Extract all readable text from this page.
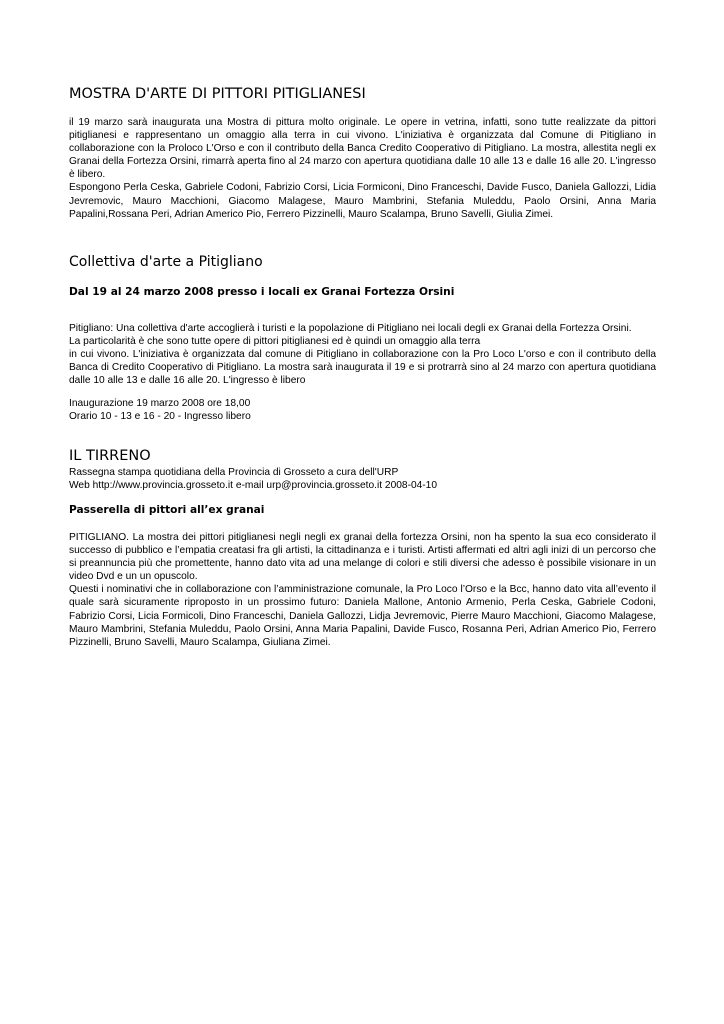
MOSTRA D'ARTE DI PITTORI PITIGLIANESI

il 19 marzo sarà inaugurata una Mostra di pittura molto originale. Le opere in vetrina, infatti, sono tutte realizzate da pittori pitiglianesi e rappresentano un omaggio alla terra in cui vivono. L'iniziativa è organizzata dal Comune di Pitigliano in collaborazione con la Proloco L'Orso e con il contributo della Banca Credito Cooperativo di Pitigliano. La mostra, allestita negli ex Granai della Fortezza Orsini, rimarrà aperta fino al 24 marzo con apertura quotidiana dalle 10 alle 13 e dalle 16 alle 20. L'ingresso è libero.

Espongono Perla Ceska, Gabriele Codoni, Fabrizio Corsi, Licia Formiconi, Dino Franceschi, Davide Fusco, Daniela Gallozzi, Lidia Jevremovic, Mauro Macchioni, Giacomo Malagese, Mauro Mambrini, Stefania Muleddu, Paolo Orsini, Anna Maria Papalini,Rossana Peri, Adrian Americo Pio, Ferrero Pizzinelli, Mauro Scalampa, Bruno Savelli, Giulia Zimei.

Collettiva d'arte a Pitigliano
Dal 19 al 24 marzo 2008 presso i locali ex Granai Fortezza Orsini

Pitigliano: Una collettiva d'arte accoglierà i turisti e la popolazione di Pitigliano nei locali degli ex Granai della Fortezza Orsini.

La particolarità è che sono tutte opere di pittori pitiglianesi ed è quindi un omaggio alla terra

in cui vivono. L'iniziativa è organizzata dal comune di Pitigliano in collaborazione con la Pro Loco L'orso e con il contributo della Banca di Credito Cooperativo di Pitigliano. La mostra sarà inaugurata il 19 e si protrarrà sino al 24 marzo con apertura quotidiana dalle 10 alle 13 e dalle 16 alle 20. L'ingresso è libero

Inaugurazione 19 marzo 2008 ore 18,00

Orario 10 - 13 e 16 - 20 - Ingresso libero

IL TIRRENO

Rassegna stampa quotidiana della Provincia di Grosseto a cura dell'URP

Web http://www.provincia.grosseto.it e-mail urp@provincia.grosseto.it 2008-04-10

Passerella di pittori all’ex granai

PITIGLIANO. La mostra dei pittori pitiglianesi negli negli ex granai della fortezza Orsini, non ha spento la sua eco considerato il successo di pubblico e l’empatia creatasi fra gli artisti, la cittadinanza e i turisti. Artisti affermati ed altri agli inizi di un percorso che si preannuncia più che promettente, hanno dato vita ad una melange di colori e stili diversi che adesso è possibile visionare in un video Dvd e un un opuscolo.

Questi i nominativi che in collaborazione con l’amministrazione comunale, la Pro Loco l’Orso e la Bcc, hanno dato vita all’evento il quale sarà sicuramente riproposto in un prossimo futuro: Daniela Mallone, Antonio Armenio, Perla Ceska, Gabriele Codoni, Fabrizio Corsi, Licia Formicoli, Dino Franceschi, Daniela Gallozzi, Lidja Jevremovic, Pierre Mauro Macchioni, Giacomo Malagese, Mauro Mambrini, Stefania Muleddu, Paolo Orsini, Anna Maria Papalini, Davide Fusco, Rosanna Peri, Adrian Americo Pio, Ferrero Pizzinelli, Bruno Savelli, Mauro Scalampa, Giuliana Zimei.
